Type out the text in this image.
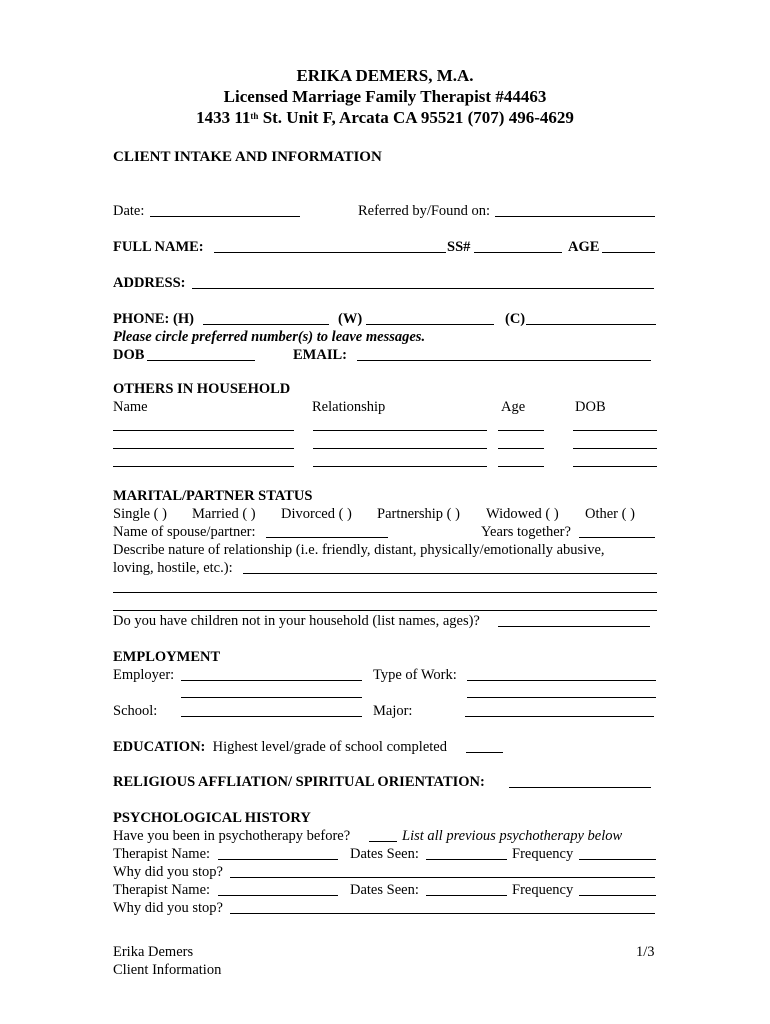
ERIKA DEMERS, M.A.
Licensed Marriage Family Therapist #44463
1433 11th St. Unit F, Arcata CA 95521 (707) 496-4629
CLIENT INTAKE AND INFORMATION
Date:	Referred by/Found on:
FULL NAME:	SS#	AGE
ADDRESS:
PHONE: (H)	(W)	(C)
Please circle preferred number(s) to leave messages.
DOB	EMAIL:
OTHERS IN HOUSEHOLD
Name	Relationship	Age	DOB
MARITAL/PARTNER STATUS
Single ( ) Married ( ) Divorced ( ) Partnership ( ) Widowed ( ) Other ( )
Name of spouse/partner:	Years together?
Describe nature of relationship (i.e. friendly, distant, physically/emotionally abusive,
loving, hostile, etc.):
Do you have children not in your household (list names, ages)?
EMPLOYMENT
Employer:	Type of Work:
School:	Major:
EDUCATION: Highest level/grade of school completed
RELIGIOUS AFFLIATION/ SPIRITUAL ORIENTATION:
PSYCHOLOGICAL HISTORY
Have you been in psychotherapy before?	List all previous psychotherapy below
Therapist Name:	Dates Seen:	Frequency
Why did you stop?
Therapist Name:	Dates Seen:	Frequency
Why did you stop?
Erika Demers
Client Information
1/3
